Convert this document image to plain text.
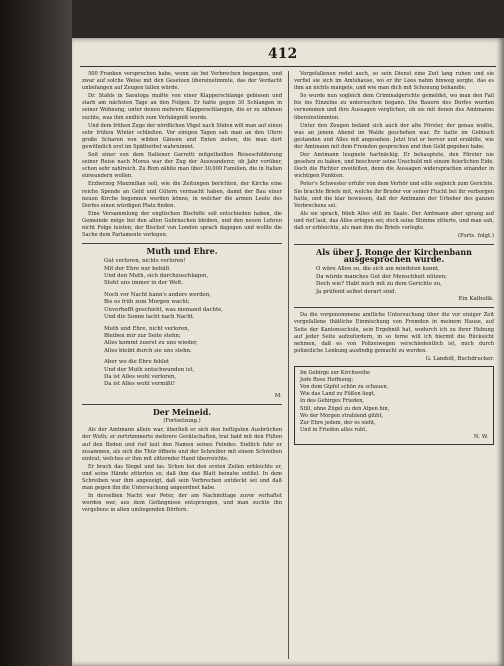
412

500 Franken versprochen habe, wenn sie bei Verbrechen begangen, und zwar auf solche Weise mit den Gesetzen übereinstimmte, das der Verdacht unbefangen auf Zeugen fallen würde.

Dr. Stahls in Saratoga mußte von einer Klapperschlange gebissen und starb am nächsten Tage an den Folgen. Er hatte gegen 30 Schlangen in seiner Wohnung, unter denen mehrere Klapperschlangen, die er zu zähmen suchte, was ihm endlich zum Verhängniß wurde.

Und dem frühen Zuge der nördlichen Vögel nach Süden will man auf einen sehr frühen Winter schließen. Vor einigen Tagen sah man an den Ufern große Scharen von wilden Gänsen und Enten ziehen, die man dort gewöhnlich erst im Spätherbst wahrnimmt.

Seit einer von dem Italiener Garretti mitgetheilten Reiseschilderung seiner Reise nach Morea war der Zug der Auswanderer, ob Jahr vorüber, schon sehr zahlreich. Zu Rom zählte man über 30,000 Familien, die in Italien einwandern wollen.

Erzherzog Maximilian soll, wie die Zeitungen berichten, der Kirche eine reiche Spende an Geld und Gütern vermacht haben, damit der Bau einer neuen Kirche begonnen werden könne, in welcher die armen Leute des Dorfes einen würdigen Platz finden.

Eine Versammlung der englischen Bischöfe soll entschieden haben, die Gemeinde möge bei den alten Gebräuchen bleiben, und den neuen Lehren nicht Folge leisten; der Bischof von London sprach dagegen und wollte die Sache dem Parlamente vorlegen.

Muth und Ehre.
Gut verloren, nichts verloren!
Mit der Ehre nur behält
Und den Muth, sich durchzuschlagen,
Steht uns immer in der Welt.
Noch vor Nacht kann's anders werden,
Bis es früh zum Morgen wacht;
Unverhofft geschieht, was niemand dachte,
Und die Sonne lacht nach Nacht.
Muth und Ehre, nicht verloren,
Bleiben mir zur Seite stehn;
Alles kommt zuerst zu uns wieder,
Alles bleibt durch sie uns stehn.
Aber wo die Ehre fehlet
Und der Muth entschwunden ist,
Da ist Alles wohl verloren,
Da ist Alles wohl vermißt!
M.
Der Meineid.
(Fortsetzung.)

Als der Amtmann allein war, überließ er sich den heftigsten Ausbrüchen der Wuth; er zertrümmerte mehrere Gerätschaften, trat bald mit den Füßen auf den Boden und rief laut den Namen seines Feindes. Endlich fuhr er zusammen, als sich die Thür öffnete und der Schreiber mit einem Schreiben eintrat, welches er ihm mit zitternder Hand überreichte.

Er brach das Siegel und las. Schon bei den ersten Zeilen erbleichte er, und seine Hände zitterten so, daß ihm das Blatt beinahe entfiel. In dem Schreiben war ihm angezeigt, daß sein Verbrechen entdeckt sei und daß man gegen ihn die Untersuchung angeordnet habe.

In derselben Nacht war Peter, der am Nachmittage zuvor verhaftet worden war, aus dem Gefängnisse entsprungen, und man suchte ihn vergebens in allen umliegenden Dörfern.

Vorgefallenen redet auch, so sein Dienst eine Zeit lang ruhen und sie verfiel sie sich im Amtshause, wo er ihr Loos nahm hinweg sorgte, das es ihm an nichts mangele, und wie man dich mit Schonung behandle.

So wurde nun sogleich dem Criminalgerichte gemeldet, wo man den Fall bis ins Einzelne zu untersuchen begann. Die Bauern des Dorfes wurden vernommen und ihre Aussagen verglichen, ob sie mit denen des Amtmanns übereinstimmten.

Unter den Zeugen befand sich auch der alte Förster, der genau wußte, was an jenem Abend im Walde geschehen war. Er hatte im Gebüsch gestanden und Alles mit angesehen. Jetzt trat er hervor und erzählte, wie der Amtmann mit dem Fremden gesprochen und ihm Geld gegeben habe.

Der Amtmann leugnete hartnäckig. Er behauptete, den Förster nie gesehen zu haben, und beschwor seine Unschuld mit einem feierlichen Eide. Doch die Richter zweifelten, denn die Aussagen widersprachen einander in wichtigen Punkten.

Peter's Schwester erfuhr von dem Verhör und eilte sogleich zum Gerichte. Sie brachte Briefe mit, welche ihr Bruder vor seiner Flucht bei ihr verborgen hatte, und die klar bewiesen, daß der Amtmann der Urheber des ganzen Verbrechens sei.

Als sie sprach, blieb Alles still im Saale. Der Amtmann aber sprang auf und rief laut, das Alles erlogen sei; doch seine Stimme zitterte, und man sah, daß er erbleichte, als man ihm die Briefe vorlegte.

(Forts. folgt.)
Als über J. Ronge der Kirchenbann ausgesprochen wurde.
O wäre Allen so, die sich am mindsten kannt,
Da würde manches Gut der Menschheit nützen;
Doch wie? Habt mich mit zu dem Gerichte zu,
Ja prüfend selbst derart sind.
Ein Katholik.

Da die vorgenommene amtliche Untersuchung über die vor einiger Zeit vorgefallene thätliche Einmischung von Fremden in meinem Hause, auf Seite der Kantonsschule, sein Ergebniß hat, wodurch ich zu ihrer Hebung auf jeder Seite aufzufordern, in so ferne will ich hiermit die Rücksicht nehmen, daß es von Polizeiwegen verschiedentlich ist, mich durch polizeiliche Lenkung ausfindig gemacht zu werden.

G. Landolt, Buchdrucker.
Im Gebirge zur Kirchweihe
Jede Rose Hoffnung;
Von dem Gipfel schön zu schauen,
Wie das Land zu Füßen liegt,
In des Gebirges Frieden,
Still, ohne Zügel zu den Alpen hin,
Wo der Morgen strahlend glüht,
Zur Ehre jedem, der es sieht,
Und in Frieden alles ruht.
N. W.
